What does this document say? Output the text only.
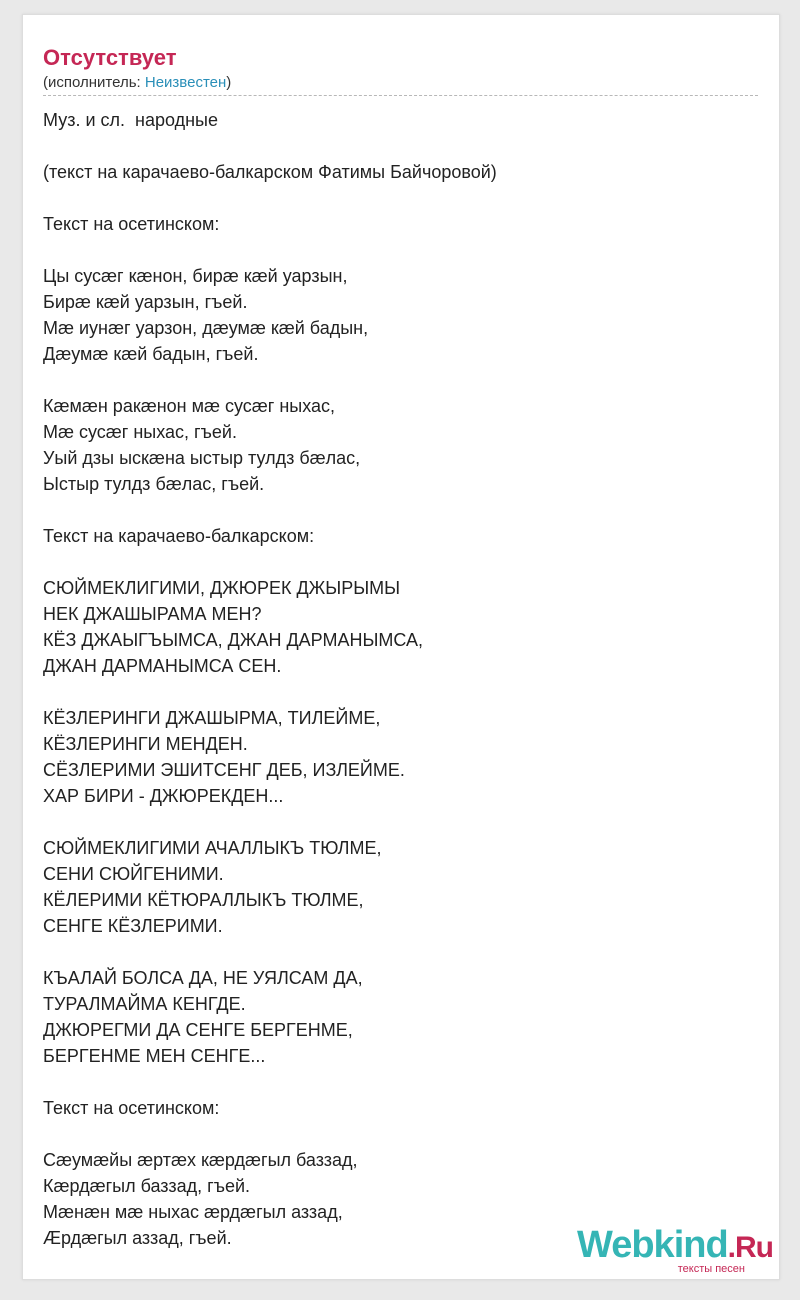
Отсутствует
(исполнитель: Неизвестен)
Муз. и сл.  народные
(текст на карачаево-балкарском Фатимы Байчоровой)
Текст на осетинском:
Цы сусæг кæнон, бирæ кæй уарзын,
Бирæ кæй уарзын, гъей.
Мæ иунæг уарзон, дæумæ кæй бадын,
Дæумæ кæй бадын, гъей.
Кæмæн ракæнон мæ сусæг ныхас,
Мæ сусæг ныхас, гъей.
Уый дзы ыскæна ыстыр тулдз бæлас,
Ыстыр тулдз бæлас, гъей.
Текст на карачаево-балкарском:
СЮЙМЕКЛИГИМИ, ДЖЮРЕК ДЖЫРЫМЫ
НЕК ДЖАШЫРАМА МЕН?
КЁЗ ДЖАЫГЪЫМСА, ДЖАН ДАРМАНЫМСА,
ДЖАН ДАРМАНЫМСА СЕН.
КЁЗЛЕРИНГИ ДЖАШЫРМА, ТИЛЕЙМЕ,
КЁЗЛЕРИНГИ МЕНДЕН.
СЁЗЛЕРИМИ ЭШИТСЕНГ ДЕБ, ИЗЛЕЙМЕ.
ХАР БИРИ - ДЖЮРЕКДЕН...
СЮЙМЕКЛИГИМИ АЧАЛЛЫКЪ ТЮЛМЕ,
СЕНИ СЮЙГЕНИМИ.
КЁЛЕРИМИ КЁТЮРАЛЛЫКЪ ТЮЛМЕ,
СЕНГЕ КЁЗЛЕРИМИ.
КЪАЛАЙ БОЛСА ДА, НЕ УЯЛСАМ ДА,
ТУРАЛМАЙМА КЕНГДЕ.
ДЖЮРЕГМИ ДА СЕНГЕ БЕРГЕНМЕ,
БЕРГЕНМЕ МЕН СЕНГЕ...
Текст на осетинском:
Сæумæйы æртæх кæрдæгыл баззад,
Кæрдæгыл баззад, гъей.
Мæнæн мæ ныхас æрдæгыл аззад,
Æрдæгыл аззад, гъей.	Webkind.Ru
тексты песен
